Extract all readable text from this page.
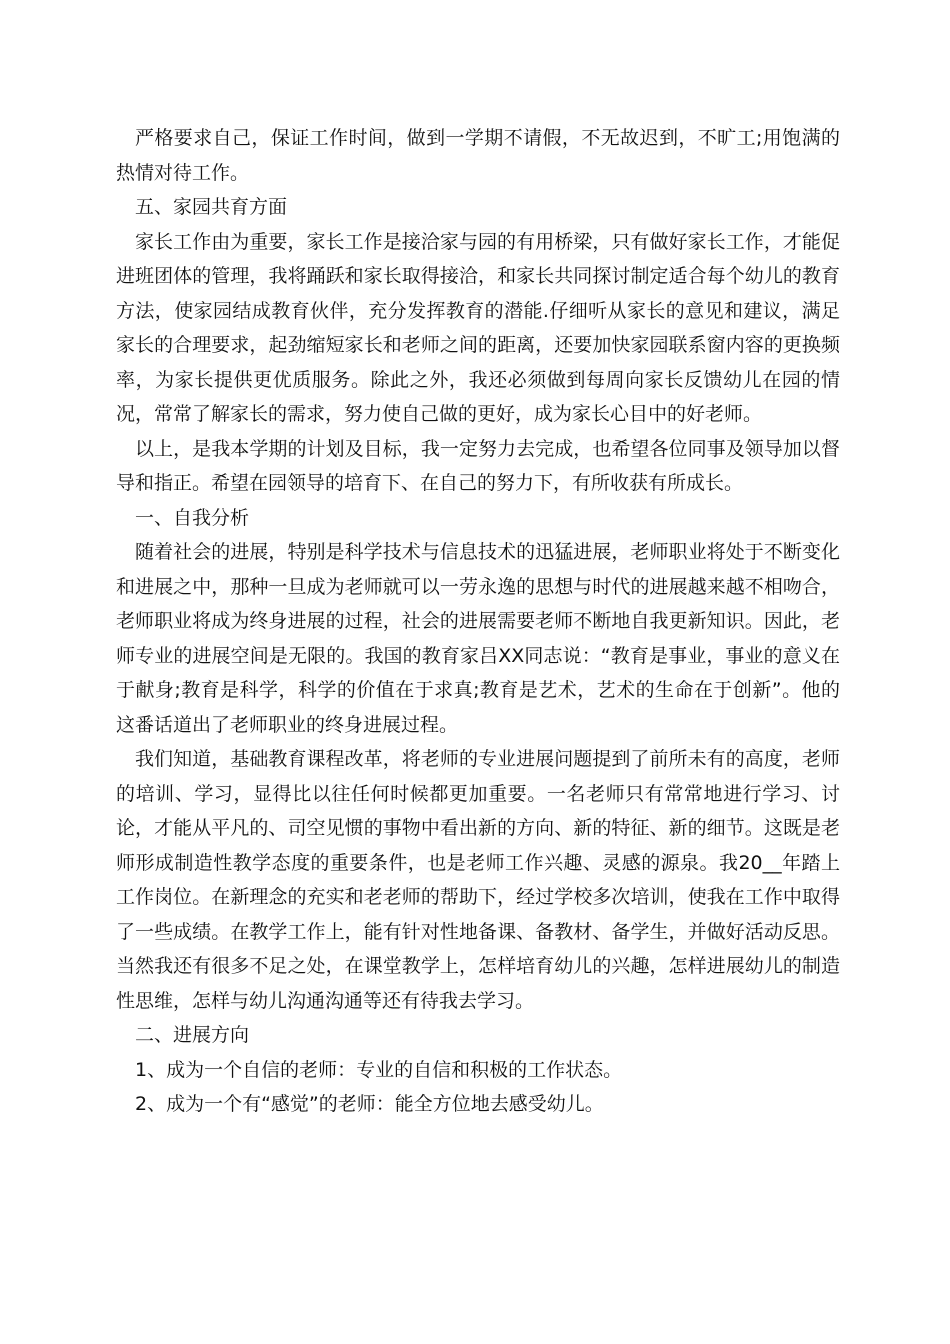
严格要求自己，保证工作时间，做到一学期不请假，不无故迟到，不旷工;用饱满的热情对待工作。

五、家园共育方面

家长工作由为重要，家长工作是接洽家与园的有用桥梁，只有做好家长工作，才能促进班团体的管理，我将踊跃和家长取得接洽，和家长共同探讨制定适合每个幼儿的教育方法，使家园结成教育伙伴，充分发挥教育的潜能.仔细听从家长的意见和建议，满足家长的合理要求，起劲缩短家长和老师之间的距离，还要加快家园联系窗内容的更换频率，为家长提供更优质服务。除此之外，我还必须做到每周向家长反馈幼儿在园的情况，常常了解家长的需求，努力使自己做的更好，成为家长心目中的好老师。

以上，是我本学期的计划及目标，我一定努力去完成，也希望各位同事及领导加以督导和指正。希望在园领导的培育下、在自己的努力下，有所收获有所成长。

一、自我分析

随着社会的进展，特别是科学技术与信息技术的迅猛进展，老师职业将处于不断变化和进展之中，那种一旦成为老师就可以一劳永逸的思想与时代的进展越来越不相吻合，老师职业将成为终身进展的过程，社会的进展需要老师不断地自我更新知识。因此，老师专业的进展空间是无限的。我国的教育家吕XX同志说：“教育是事业，事业的意义在于献身;教育是科学，科学的价值在于求真;教育是艺术，艺术的生命在于创新”。他的这番话道出了老师职业的终身进展过程。

我们知道，基础教育课程改革，将老师的专业进展问题提到了前所未有的高度，老师的培训、学习，显得比以往任何时候都更加重要。一名老师只有常常地进行学习、讨论，才能从平凡的、司空见惯的事物中看出新的方向、新的特征、新的细节。这既是老师形成制造性教学态度的重要条件，也是老师工作兴趣、灵感的源泉。我20__年踏上工作岗位。在新理念的充实和老老师的帮助下，经过学校多次培训，使我在工作中取得了一些成绩。在教学工作上，能有针对性地备课、备教材、备学生，并做好活动反思。当然我还有很多不足之处，在课堂教学上，怎样培育幼儿的兴趣，怎样进展幼儿的制造性思维，怎样与幼儿沟通沟通等还有待我去学习。

二、进展方向

1、成为一个自信的老师：专业的自信和积极的工作状态。

2、成为一个有“感觉”的老师：能全方位地去感受幼儿。
